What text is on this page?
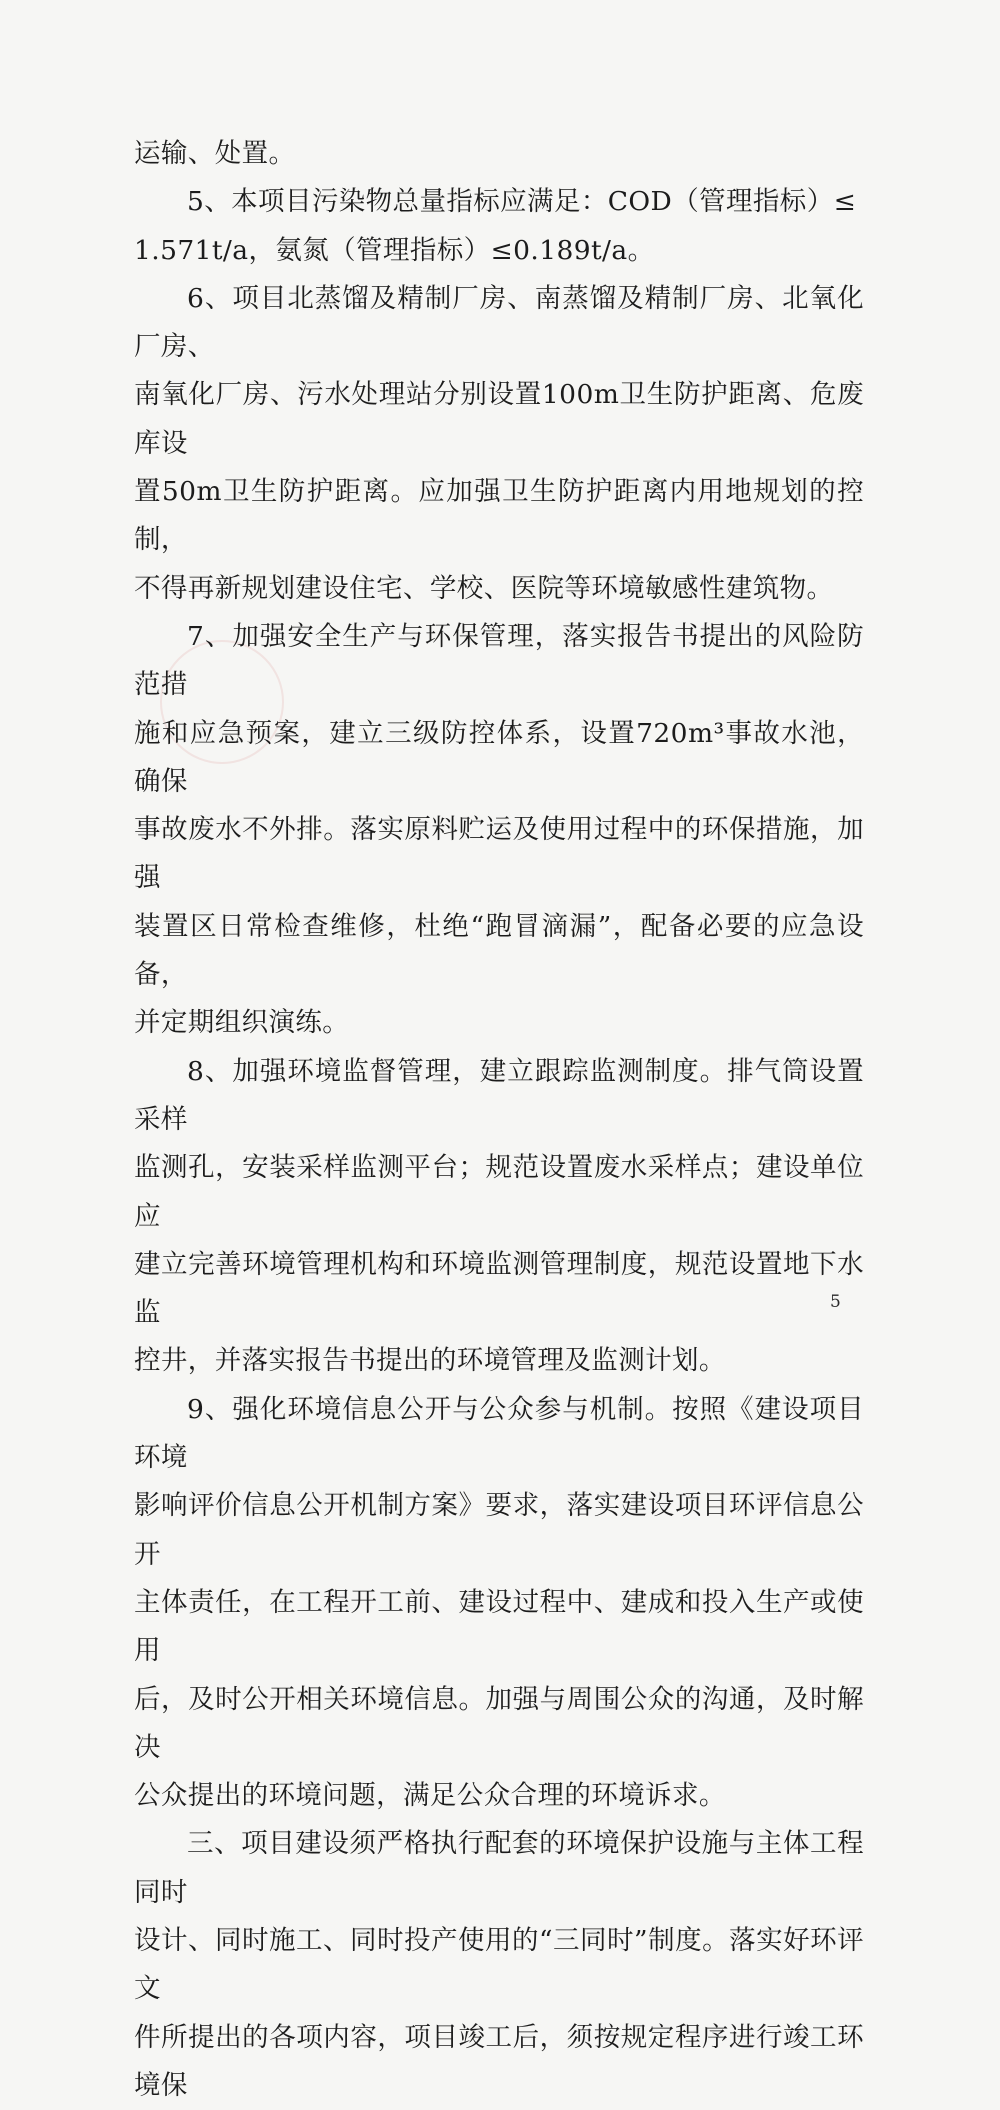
运输、处置。

5、本项目污染物总量指标应满足：COD（管理指标）≤

1.571t/a，氨氮（管理指标）≤0.189t/a。

6、项目北蒸馏及精制厂房、南蒸馏及精制厂房、北氧化厂房、

南氧化厂房、污水处理站分别设置100m卫生防护距离、危废库设

置50m卫生防护距离。应加强卫生防护距离内用地规划的控制，

不得再新规划建设住宅、学校、医院等环境敏感性建筑物。

7、加强安全生产与环保管理，落实报告书提出的风险防范措

施和应急预案，建立三级防控体系，设置720m³事故水池，确保

事故废水不外排。落实原料贮运及使用过程中的环保措施，加强

装置区日常检查维修，杜绝“跑冒滴漏”，配备必要的应急设备，

并定期组织演练。

8、加强环境监督管理，建立跟踪监测制度。排气筒设置采样

监测孔，安装采样监测平台；规范设置废水采样点；建设单位应

建立完善环境管理机构和环境监测管理制度，规范设置地下水监

控井，并落实报告书提出的环境管理及监测计划。

9、强化环境信息公开与公众参与机制。按照《建设项目环境

影响评价信息公开机制方案》要求，落实建设项目环评信息公开

主体责任，在工程开工前、建设过程中、建成和投入生产或使用

后，及时公开相关环境信息。加强与周围公众的沟通，及时解决

公众提出的环境问题，满足公众合理的环境诉求。

三、项目建设须严格执行配套的环境保护设施与主体工程同时

设计、同时施工、同时投产使用的“三同时”制度。落实好环评文

件所提出的各项内容，项目竣工后，须按规定程序进行竣工环境保

5
